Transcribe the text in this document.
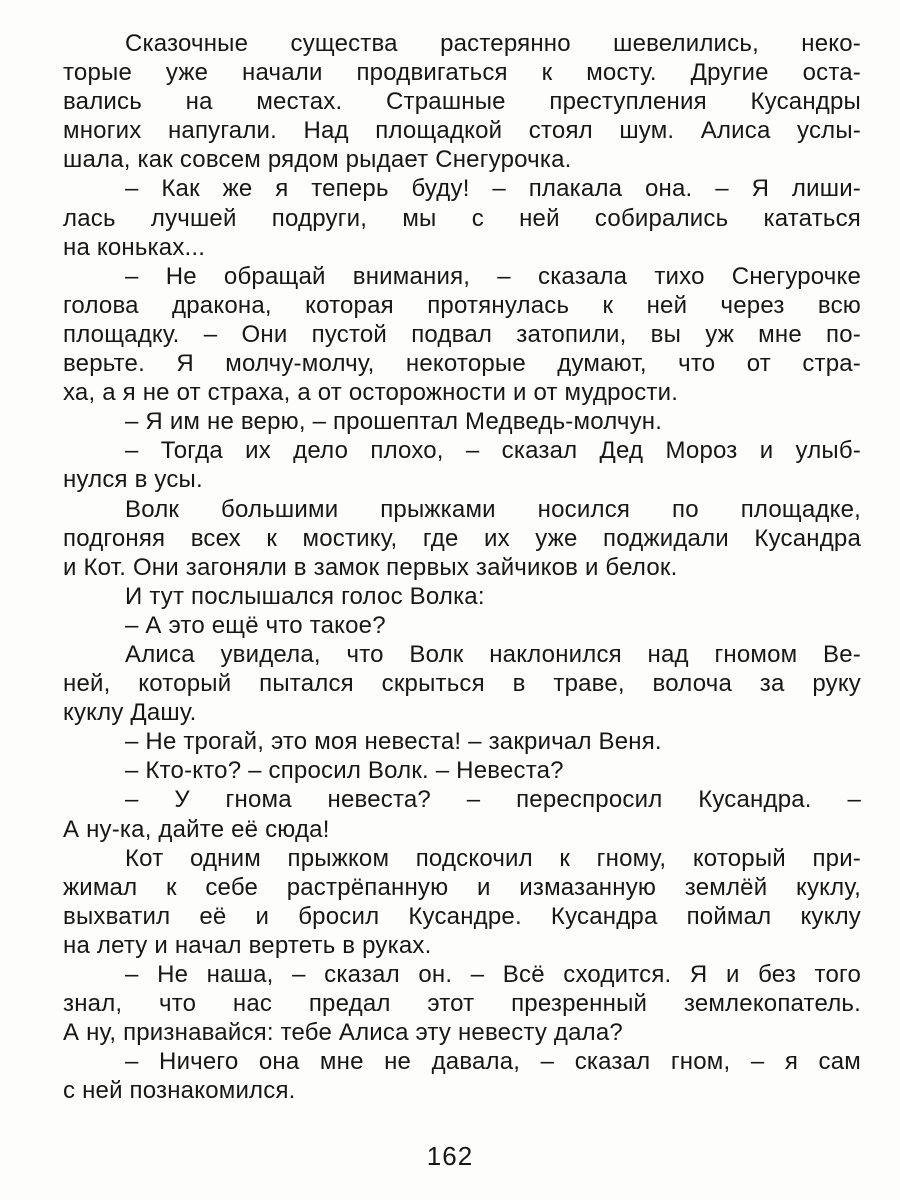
Сказочные существа растерянно шевелились, неко-
торые уже начали продвигаться к мосту. Другие оста-
вались на местах. Страшные преступления Кусандры
многих напугали. Над площадкой стоял шум. Алиса услы-
шала, как совсем рядом рыдает Снегурочка.
– Как же я теперь буду! – плакала она. – Я лиши-
лась лучшей подруги, мы с ней собирались кататься
на коньках...
– Не обращай внимания, – сказала тихо Снегурочке
голова дракона, которая протянулась к ней через всю
площадку. – Они пустой подвал затопили, вы уж мне по-
верьте. Я молчу-молчу, некоторые думают, что от стра-
ха, а я не от страха, а от осторожности и от мудрости.
– Я им не верю, – прошептал Медведь-молчун.
– Тогда их дело плохо, – сказал Дед Мороз и улыб-
нулся в усы.
Волк большими прыжками носился по площадке,
подгоняя всех к мостику, где их уже поджидали Кусандра
и Кот. Они загоняли в замок первых зайчиков и белок.
И тут послышался голос Волка:
– А это ещё что такое?
Алиса увидела, что Волк наклонился над гномом Ве-
ней, который пытался скрыться в траве, волоча за руку
куклу Дашу.
– Не трогай, это моя невеста! – закричал Веня.
– Кто-кто? – спросил Волк. – Невеста?
– У гнома невеста? – переспросил Кусандра. –
А ну-ка, дайте её сюда!
Кот одним прыжком подскочил к гному, который при-
жимал к себе растрёпанную и измазанную землёй куклу,
выхватил её и бросил Кусандре. Кусандра поймал куклу
на лету и начал вертеть в руках.
– Не наша, – сказал он. – Всё сходится. Я и без того
знал, что нас предал этот презренный землекопатель.
А ну, признавайся: тебе Алиса эту невесту дала?
– Ничего она мне не давала, – сказал гном, – я сам
с ней познакомился.
162
